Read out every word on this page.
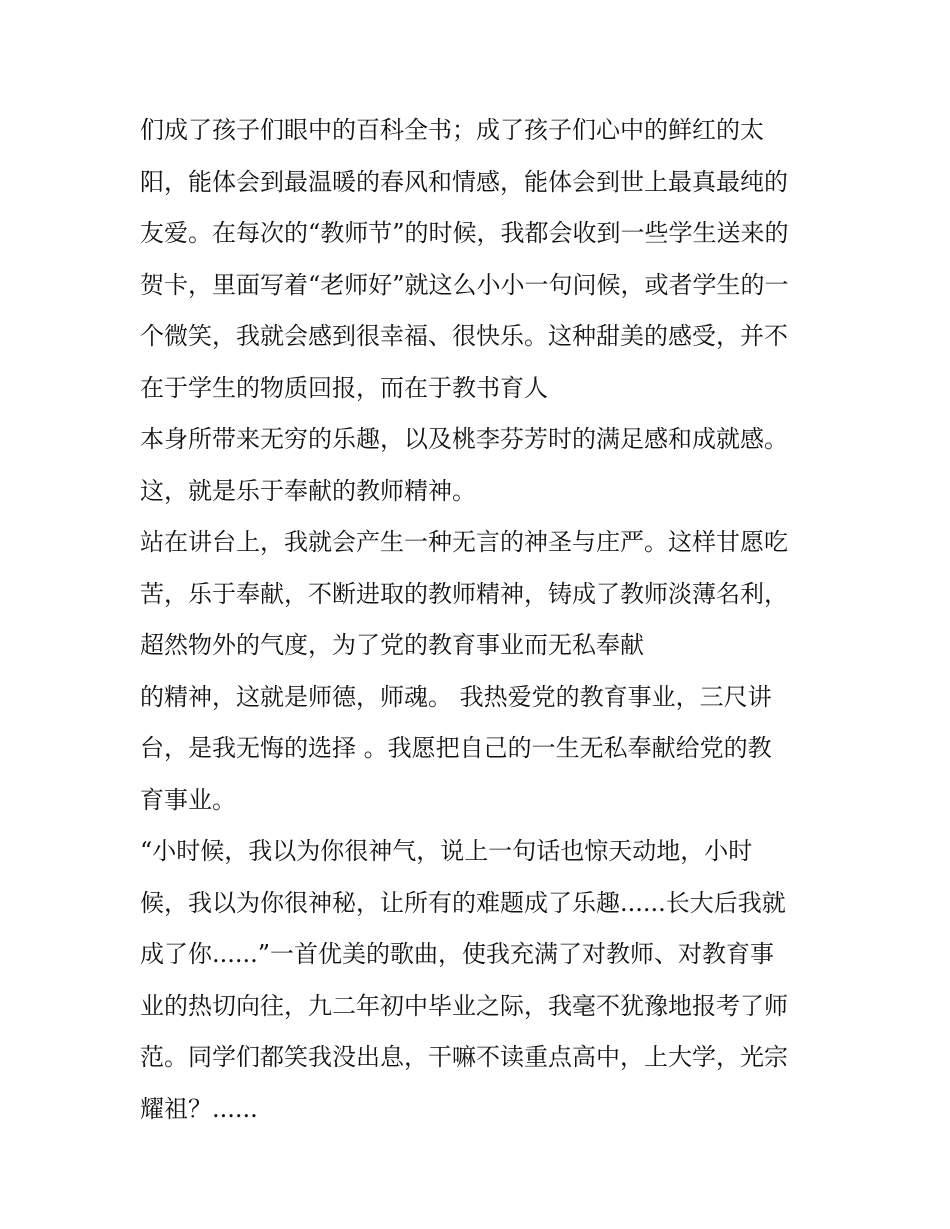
们成了孩子们眼中的百科全书；成了孩子们心中的鲜红的太
阳，能体会到最温暖的春风和情感，能体会到世上最真最纯的
友爱。在每次的“教师节”的时候，我都会收到一些学生送来的
贺卡，里面写着“老师好”就这么小小一句问候，或者学生的一
个微笑，我就会感到很幸福、很快乐。这种甜美的感受，并不
在于学生的物质回报，而在于教书育人
本身所带来无穷的乐趣，以及桃李芬芳时的满足感和成就感。
这，就是乐于奉献的教师精神。
站在讲台上，我就会产生一种无言的神圣与庄严。这样甘愿吃
苦，乐于奉献，不断进取的教师精神，铸成了教师淡薄名利，
超然物外的气度，为了党的教育事业而无私奉献
的精神，这就是师德，师魂。 我热爱党的教育事业，三尺讲
台，是我无悔的选择 。我愿把自己的一生无私奉献给党的教
育事业。
“小时候，我以为你很神气，说上一句话也惊天动地，小时
候，我以为你很神秘，让所有的难题成了乐趣......长大后我就
成了你......”一首优美的歌曲，使我充满了对教师、对教育事
业的热切向往，九二年初中毕业之际，我毫不犹豫地报考了师
范。同学们都笑我没出息，干嘛不读重点高中，上大学，光宗
耀祖？......
